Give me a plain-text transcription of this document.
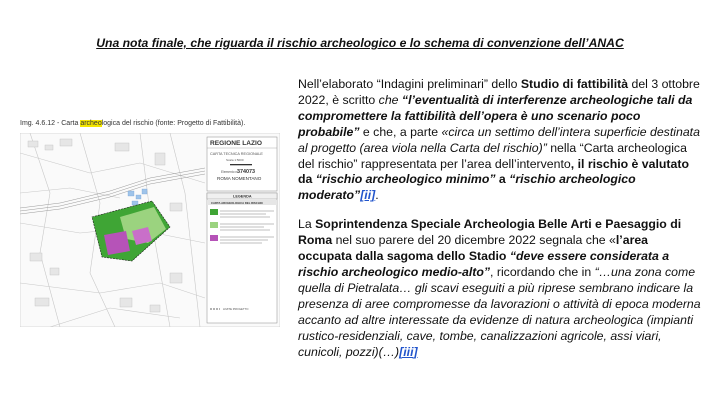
Una nota finale, che riguarda il rischio archeologico e lo schema di convenzione dell’ANAC
Img. 4.6.12 - Carta archeologica del rischio (fonte: Progetto di Fattibilità).
REGIONE LAZIO
CARTA TECNICA REGIONALE
Scala 1:5000
Elemento n°
374073
ROMA NOMENTANO
LEGENDA
CARTA ARCHEOLOGICA DEL RISCHIO
LIMITE PROGETTO

Nell’elaborato “Indagini preliminari” dello Studio di fattibilità del 3 ottobre 2022, è scritto che “l’eventualità di interferenze archeologiche tali da compromettere la fattibilità dell’opera è uno scenario poco probabile” e che, a parte «circa un settimo dell’intera superficie destinata al progetto (area viola nella Carta del rischio)” nella “Carta archeologica del rischio” rappresentata per l’area dell’intervento, il rischio è valutato da “rischio archeologico minimo” a “rischio archeologico moderato”[ii].

La Soprintendenza Speciale Archeologia Belle Arti e Paesaggio di Roma nel suo parere del 20 dicembre 2022 segnala che «l’area occupata dalla sagoma dello Stadio “deve essere considerata a rischio archeologico medio-alto”, ricordando che in “…una zona come quella di Pietralata… gli scavi eseguiti a più riprese sembrano indicare la presenza di aree compromesse da lavorazioni o attività di epoca moderna accanto ad altre interessate da evidenze di natura archeologica (impianti rustico-residenziali, cave, tombe, canalizzazioni agricole, assi viari, cunicoli, pozzi)(…)[iii]
